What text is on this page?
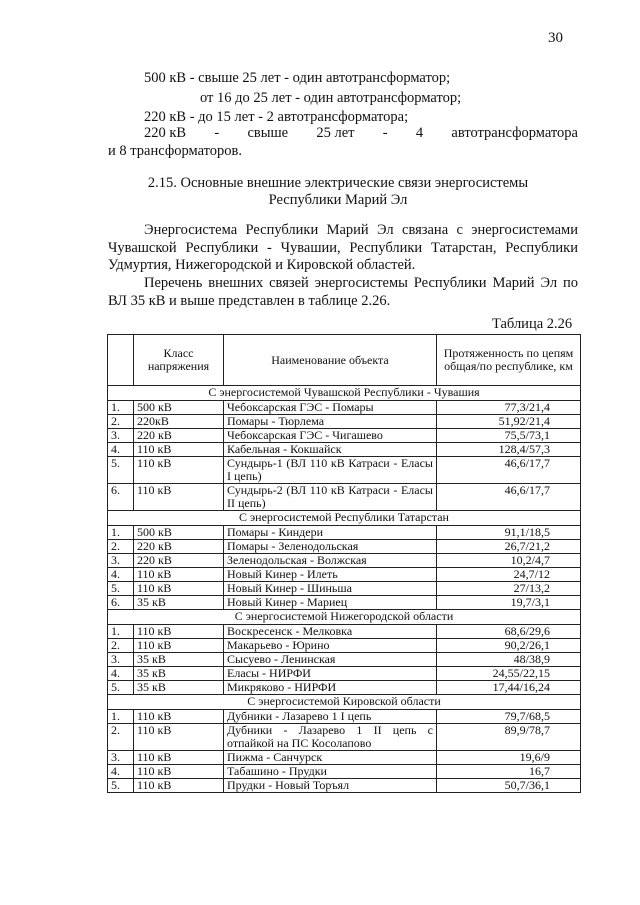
30
500 кВ - свыше 25 лет - один автотрансформатор;
от 16 до 25 лет - один автотрансформатор;
220 кВ - до 15 лет - 2 автотрансформатора;
220 кВ - свыше 25 лет - 4 автотрансформатора
и 8 трансформаторов.
2.15. Основные внешние электрические связи энергосистемы
Республики Марий Эл
Энергосистема Республики Марий Эл связана с энергосистемами Чувашской Республики - Чувашии, Республики Татарстан, Республики Удмуртия, Нижегородской и Кировской областей.
Перечень внешних связей энергосистемы Республики Марий Эл по ВЛ 35 кВ и выше представлен в таблице 2.26.
Таблица 2.26
	Класс напряжения	Наименование объекта	Протяженность по цепям общая/по республике, км
С энергосистемой Чувашской Республики - Чувашия			
1.	500 кВ	Чебоксарская ГЭС - Помары	77,3/21,4
2.	220кВ	Помары - Тюрлема	51,92/21,4
3.	220 кВ	Чебоксарская ГЭС - Чигашево	75,5/73,1
4.	110 кВ	Кабельная - Кокшайск	128,4/57,3
5.	110 кВ	Сундырь-1 (ВЛ 110 кВ Катраси - Еласы I цепь)	46,6/17,7
6.	110 кВ	Сундырь-2 (ВЛ 110 кВ Катраси - Еласы II цепь)	46,6/17,7
С энергосистемой Республики Татарстан			
1.	500 кВ	Помары - Киндери	91,1/18,5
2.	220 кВ	Помары - Зеленодольская	26,7/21,2
3.	220 кВ	Зеленодольская - Волжская	10,2/4,7
4.	110 кВ	Новый Кинер - Илеть	24,7/12
5.	110 кВ	Новый Кинер - Шиньша	27/13,2
6.	35 кВ	Новый Кинер - Мариец	19,7/3,1
С энергосистемой Нижегородской области			
1.	110 кВ	Воскресенск - Мелковка	68,6/29,6
2.	110 кВ	Макарьево - Юрино	90,2/26,1
3.	35 кВ	Сысуево - Ленинская	48/38,9
4.	35 кВ	Еласы - НИРФИ	24,55/22,15
5.	35 кВ	Микряково - НИРФИ	17,44/16,24
С энергосистемой Кировской области			
1.	110 кВ	Дубники - Лазарево 1 I цепь	79,7/68,5
2.	110 кВ	Дубники - Лазарево 1 II цепь с отпайкой на ПС Косолапово	89,9/78,7
3.	110 кВ	Пижма - Санчурск	19,6/9
4.	110 кВ	Табашино - Прудки	16,7
5.	110 кВ	Прудки - Новый Торъял	50,7/36,1
